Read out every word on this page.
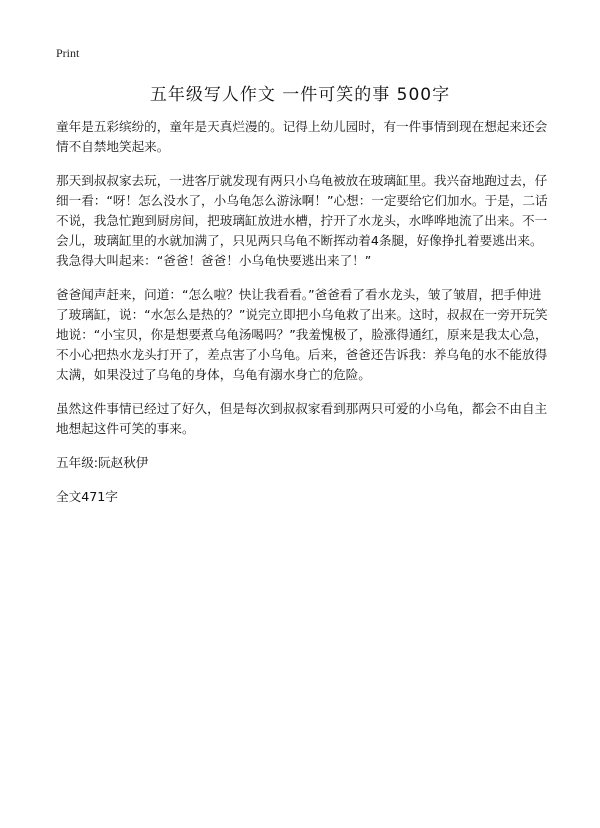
Print
五年级写人作文 一件可笑的事 500字

童年是五彩缤纷的，童年是天真烂漫的。记得上幼儿园时，有一件事情到现在想起来还会情不自禁地笑起来。

那天到叔叔家去玩，一进客厅就发现有两只小乌龟被放在玻璃缸里。我兴奋地跑过去，仔细一看：“呀！怎么没水了，小乌龟怎么游泳啊！”心想：一定要给它们加水。于是，二话不说，我急忙跑到厨房间，把玻璃缸放进水槽，拧开了水龙头，水哗哗地流了出来。不一会儿，玻璃缸里的水就加满了，只见两只乌龟不断挥动着4条腿，好像挣扎着要逃出来。我急得大叫起来：“爸爸！爸爸！小乌龟快要逃出来了！”

爸爸闻声赶来，问道：“怎么啦？快让我看看。”爸爸看了看水龙头，皱了皱眉，把手伸进了玻璃缸，说：“水怎么是热的？”说完立即把小乌龟救了出来。这时，叔叔在一旁开玩笑地说：“小宝贝，你是想要煮乌龟汤喝吗？”我羞愧极了，脸涨得通红，原来是我太心急，不小心把热水龙头打开了，差点害了小乌龟。后来，爸爸还告诉我：养乌龟的水不能放得太满，如果没过了乌龟的身体，乌龟有溺水身亡的危险。

虽然这件事情已经过了好久，但是每次到叔叔家看到那两只可爱的小乌龟，都会不由自主地想起这件可笑的事来。

五年级:阮赵秋伊

全文471字
